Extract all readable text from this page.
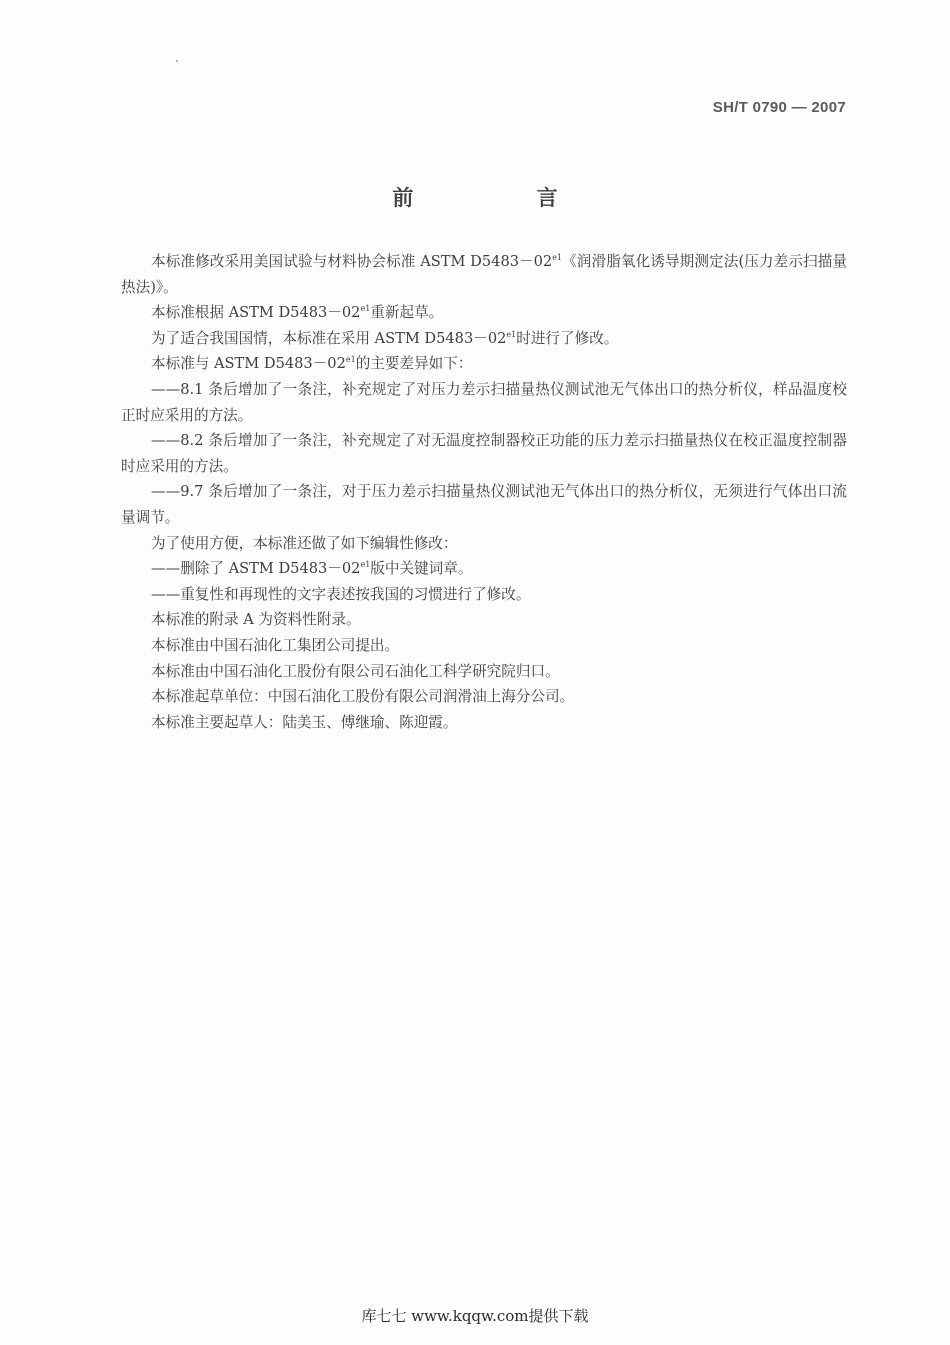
SH/T 0790 — 2007
前 言

本标准修改采用美国试验与材料协会标准 ASTM $D5483-02^{e1}$《润滑脂氧化诱导期测定法(压力差示扫描量热法)》。

本标准根据 ASTM $D5483-02^{e1}$重新起草。

为了适合我国国情，本标准在采用 ASTM $D5483-02^{e1}$时进行了修改。

本标准与 ASTM $D5483-02^{e1}$的主要差异如下：

——8.1 条后增加了一条注，补充规定了对压力差示扫描量热仪测试池无气体出口的热分析仪，样品温度校正时应采用的方法。

——8.2 条后增加了一条注，补充规定了对无温度控制器校正功能的压力差示扫描量热仪在校正温度控制器时应采用的方法。

——9.7 条后增加了一条注，对于压力差示扫描量热仪测试池无气体出口的热分析仪，无须进行气体出口流量调节。

为了使用方便，本标准还做了如下编辑性修改：

——删除了 ASTM $D5483-02^{e1}$版中关键词章。

——重复性和再现性的文字表述按我国的习惯进行了修改。

本标准的附录 A 为资料性附录。

本标准由中国石油化工集团公司提出。

本标准由中国石油化工股份有限公司石油化工科学研究院归口。

本标准起草单位：中国石油化工股份有限公司润滑油上海分公司。

本标准主要起草人：陆美玉、傅继瑜、陈迎霞。

库七七 www.kqqw.com提供下载
